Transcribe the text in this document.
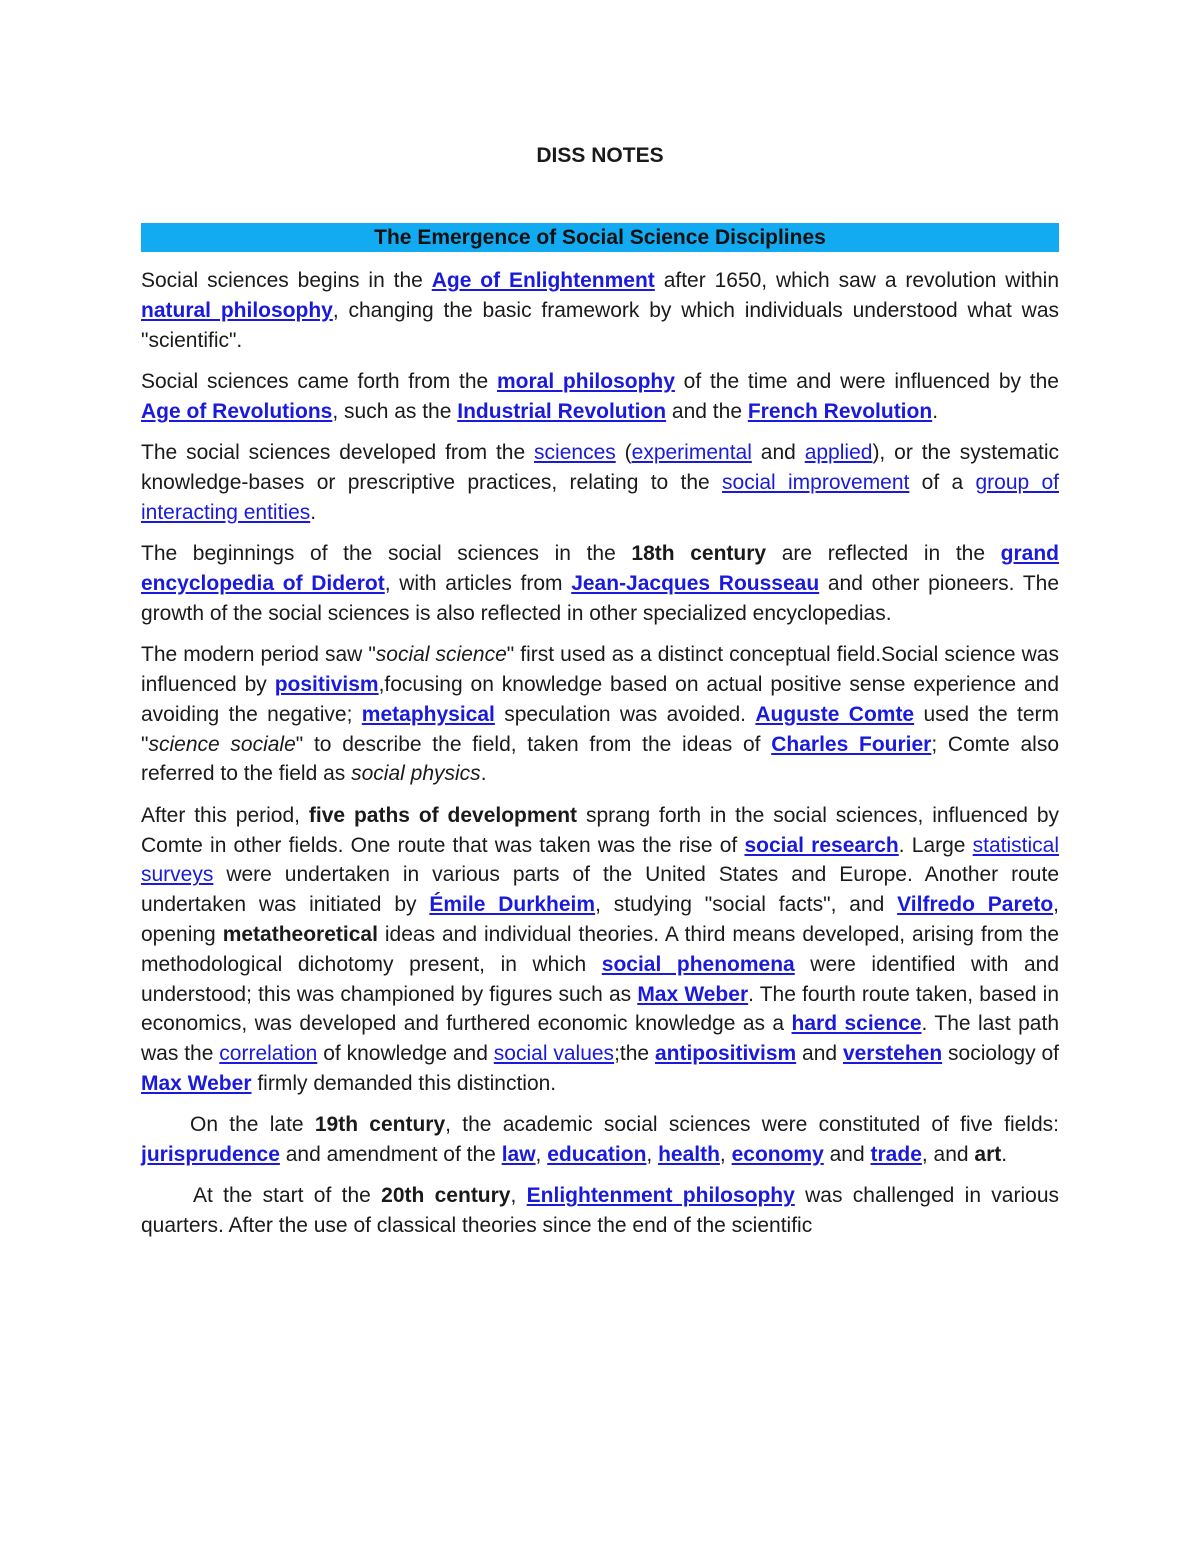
DISS NOTES
The Emergence of Social Science Disciplines

Social sciences begins in the Age of Enlightenment after 1650, which saw a revolution within natural philosophy, changing the basic framework by which individuals understood what was "scientific".

Social sciences came forth from the moral philosophy of the time and were influenced by the Age of Revolutions, such as the Industrial Revolution and the French Revolution.

The social sciences developed from the sciences (experimental and applied), or the systematic knowledge-bases or prescriptive practices, relating to the social improvement of a group of interacting entities.

The beginnings of the social sciences in the 18th century are reflected in the grand encyclopedia of Diderot, with articles from Jean-Jacques Rousseau and other pioneers. The growth of the social sciences is also reflected in other specialized encyclopedias.

The modern period saw "social science" first used as a distinct conceptual field.Social science was influenced by positivism,focusing on knowledge based on actual positive sense experience and avoiding the negative; metaphysical speculation was avoided. Auguste Comte used the term "science sociale" to describe the field, taken from the ideas of Charles Fourier; Comte also referred to the field as social physics.

After this period, five paths of development sprang forth in the social sciences, influenced by Comte in other fields. One route that was taken was the rise of social research. Large statistical surveys were undertaken in various parts of the United States and Europe. Another route undertaken was initiated by Émile Durkheim, studying "social facts", and Vilfredo Pareto, opening metatheoretical ideas and individual theories. A third means developed, arising from the methodological dichotomy present, in which social phenomena were identified with and understood; this was championed by figures such as Max Weber. The fourth route taken, based in economics, was developed and furthered economic knowledge as a hard science. The last path was the correlation of knowledge and social values;the antipositivism and verstehen sociology of Max Weber firmly demanded this distinction.

On the late 19th century, the academic social sciences were constituted of five fields: jurisprudence and amendment of the law, education, health, economy and trade, and art.

At the start of the 20th century, Enlightenment philosophy was challenged in various quarters. After the use of classical theories since the end of the scientific
